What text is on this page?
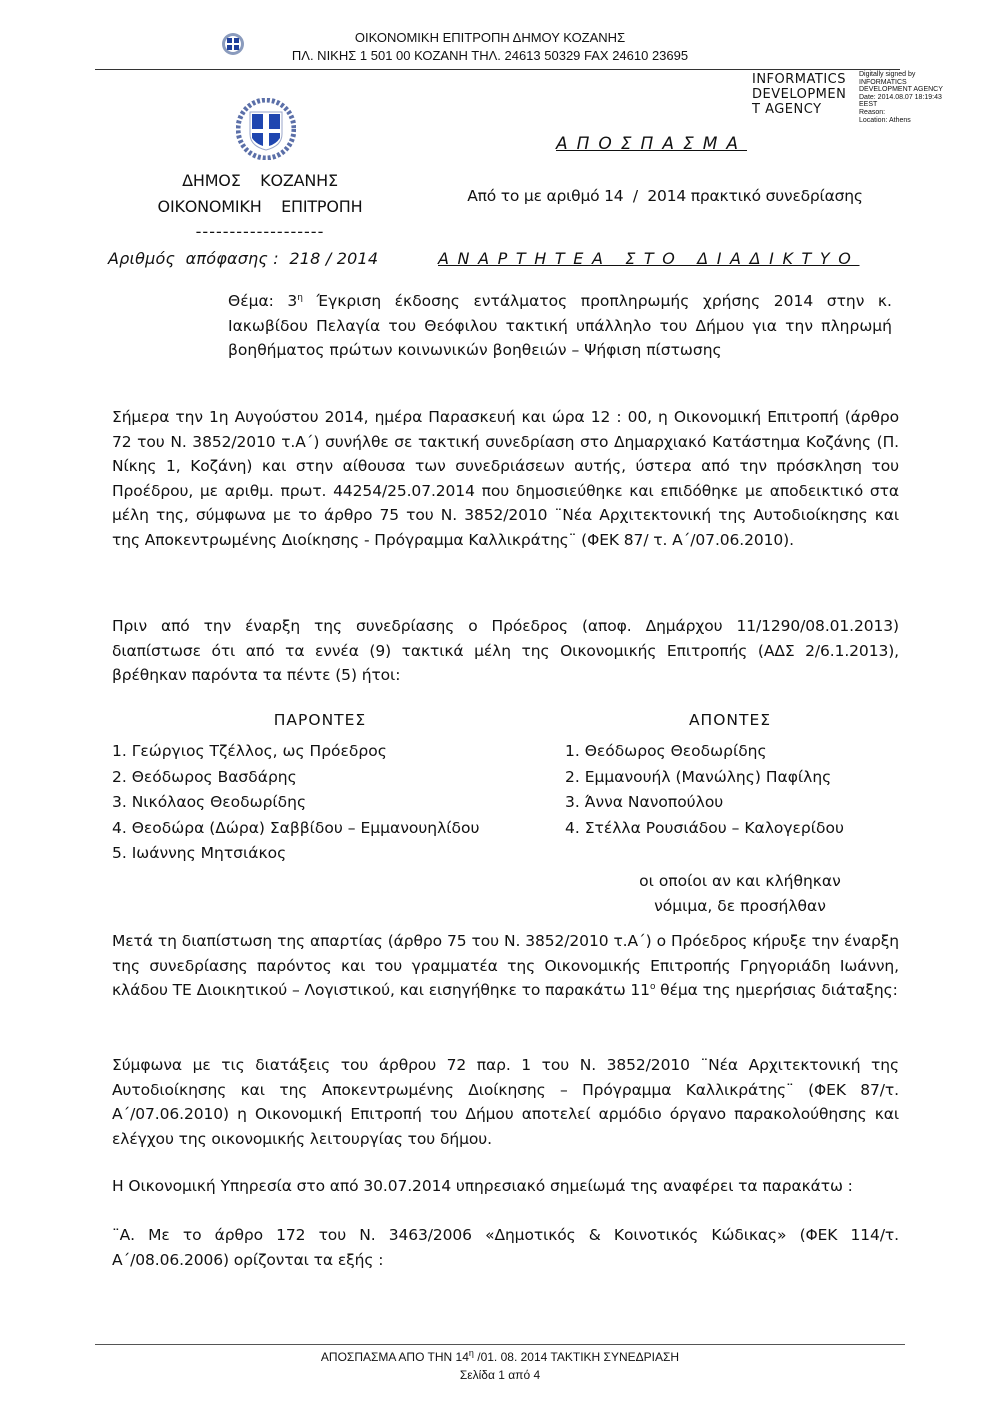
ΟΙΚΟΝΟΜΙΚΗ ΕΠΙΤΡΟΠΗ ΔΗΜΟΥ ΚΟΖΑΝΗΣ
ΠΛ. ΝΙΚΗΣ 1 501 00 ΚΟΖΑΝΗ ΤΗΛ. 24613 50329 FAX 24610 23695
INFORMATICS
DEVELOPMEN
T AGENCY
Digitally signed by
INFORMATICS
DEVELOPMENT AGENCY
Date: 2014.08.07 18:19:43
EEST
Reason:
Location: Athens
ΔΗΜΟΣ    ΚΟΖΑΝΗΣ
ΟΙΚΟΝΟΜΙΚΗ    ΕΠΙΤΡΟΠΗ
-------------------
ΑΠΟΣΠΑΣΜΑ
Από το με αριθμό 14  /  2014 πρακτικό συνεδρίασης
Αριθμός  απόφασης :  218 / 2014	ΑΝΑΡΤΗΤΕΑ ΣΤΟ ΔΙΑΔΙΚΤΥΟ
Θέμα: $3^\eta$ Έγκριση έκδοσης εντάλματος προπληρωμής χρήσης 2014 στην κ. Ιακωβίδου Πελαγία του Θεόφιλου τακτική υπάλληλο του Δήμου για την πληρωμή βοηθήματος πρώτων κοινωνικών βοηθειών – Ψήφιση πίστωσης
Σήμερα την 1η Αυγούστου 2014, ημέρα Παρασκευή και ώρα 12 : 00, η Οικονομική Επιτροπή (άρθρο 72 του Ν. 3852/2010 τ.Α΄) συνήλθε σε τακτική συνεδρίαση στο Δημαρχιακό Κατάστημα Κοζάνης (Π. Νίκης 1, Κοζάνη) και στην αίθουσα των συνεδριάσεων αυτής, ύστερα από την πρόσκληση του Προέδρου, με αριθμ. πρωτ. 44254/25.07.2014 που δημοσιεύθηκε και επιδόθηκε με αποδεικτικό στα μέλη της, σύμφωνα με το άρθρο 75 του Ν. 3852/2010 ¨Νέα Αρχιτεκτονική της Αυτοδιοίκησης και της Αποκεντρωμένης Διοίκησης - Πρόγραμμα Καλλικράτης¨ (ΦΕΚ 87/ τ. Α΄/07.06.2010).
Πριν από την έναρξη της συνεδρίασης ο Πρόεδρος (αποφ. Δημάρχου 11/1290/08.01.2013) διαπίστωσε ότι από τα εννέα (9) τακτικά μέλη της Οικονομικής Επιτροπής (ΑΔΣ 2/6.1.2013), βρέθηκαν παρόντα τα πέντε (5) ήτοι:
ΠΑΡΟΝΤΕΣ
1. Γεώργιος Τζέλλος, ως Πρόεδρος
2. Θεόδωρος Βασδάρης
3. Νικόλαος Θεοδωρίδης
4. Θεοδώρα (Δώρα) Σαββίδου – Εμμανουηλίδου
5. Ιωάννης Μητσιάκος
ΑΠΟΝΤΕΣ
1. Θεόδωρος Θεοδωρίδης
2. Εμμανουήλ (Μανώλης) Παφίλης
3. Άννα Νανοπούλου
4. Στέλλα Ρουσιάδου – Καλογερίδου
οι οποίοι αν και κλήθηκαν
νόμιμα, δε προσήλθαν
Μετά τη διαπίστωση της απαρτίας (άρθρο 75 του Ν. 3852/2010 τ.Α΄) ο Πρόεδρος κήρυξε την έναρξη της συνεδρίασης παρόντος και του γραμματέα της Οικονομικής Επιτροπής Γρηγοριάδη Ιωάννη, κλάδου ΤΕ Διοικητικού – Λογιστικού, και εισηγήθηκε το παρακάτω $11^o$ θέμα της ημερήσιας διάταξης:
Σύμφωνα με τις διατάξεις του άρθρου 72 παρ. 1 του Ν. 3852/2010 ¨Νέα Αρχιτεκτονική της Αυτοδιοίκησης και της Αποκεντρωμένης Διοίκησης – Πρόγραμμα Καλλικράτης¨ (ΦΕΚ 87/τ. Α΄/07.06.2010) η Οικονομική Επιτροπή του Δήμου αποτελεί αρμόδιο όργανο παρακολούθησης και ελέγχου της οικονομικής λειτουργίας του δήμου.
Η Οικονομική Υπηρεσία στο από 30.07.2014 υπηρεσιακό σημείωμά της αναφέρει τα παρακάτω :
¨Α. Με το άρθρο 172 του Ν. 3463/2006 «Δημοτικός & Κοινοτικός Κώδικας» (ΦΕΚ 114/τ. Α΄/08.06.2006) ορίζονται τα εξής :
ΑΠΟΣΠΑΣΜΑ ΑΠΟ ΤΗΝ $14^\eta$ /01. 08. 2014 ΤΑΚΤΙΚΗ ΣΥΝΕΔΡΙΑΣΗ
Σελίδα 1 από 4
